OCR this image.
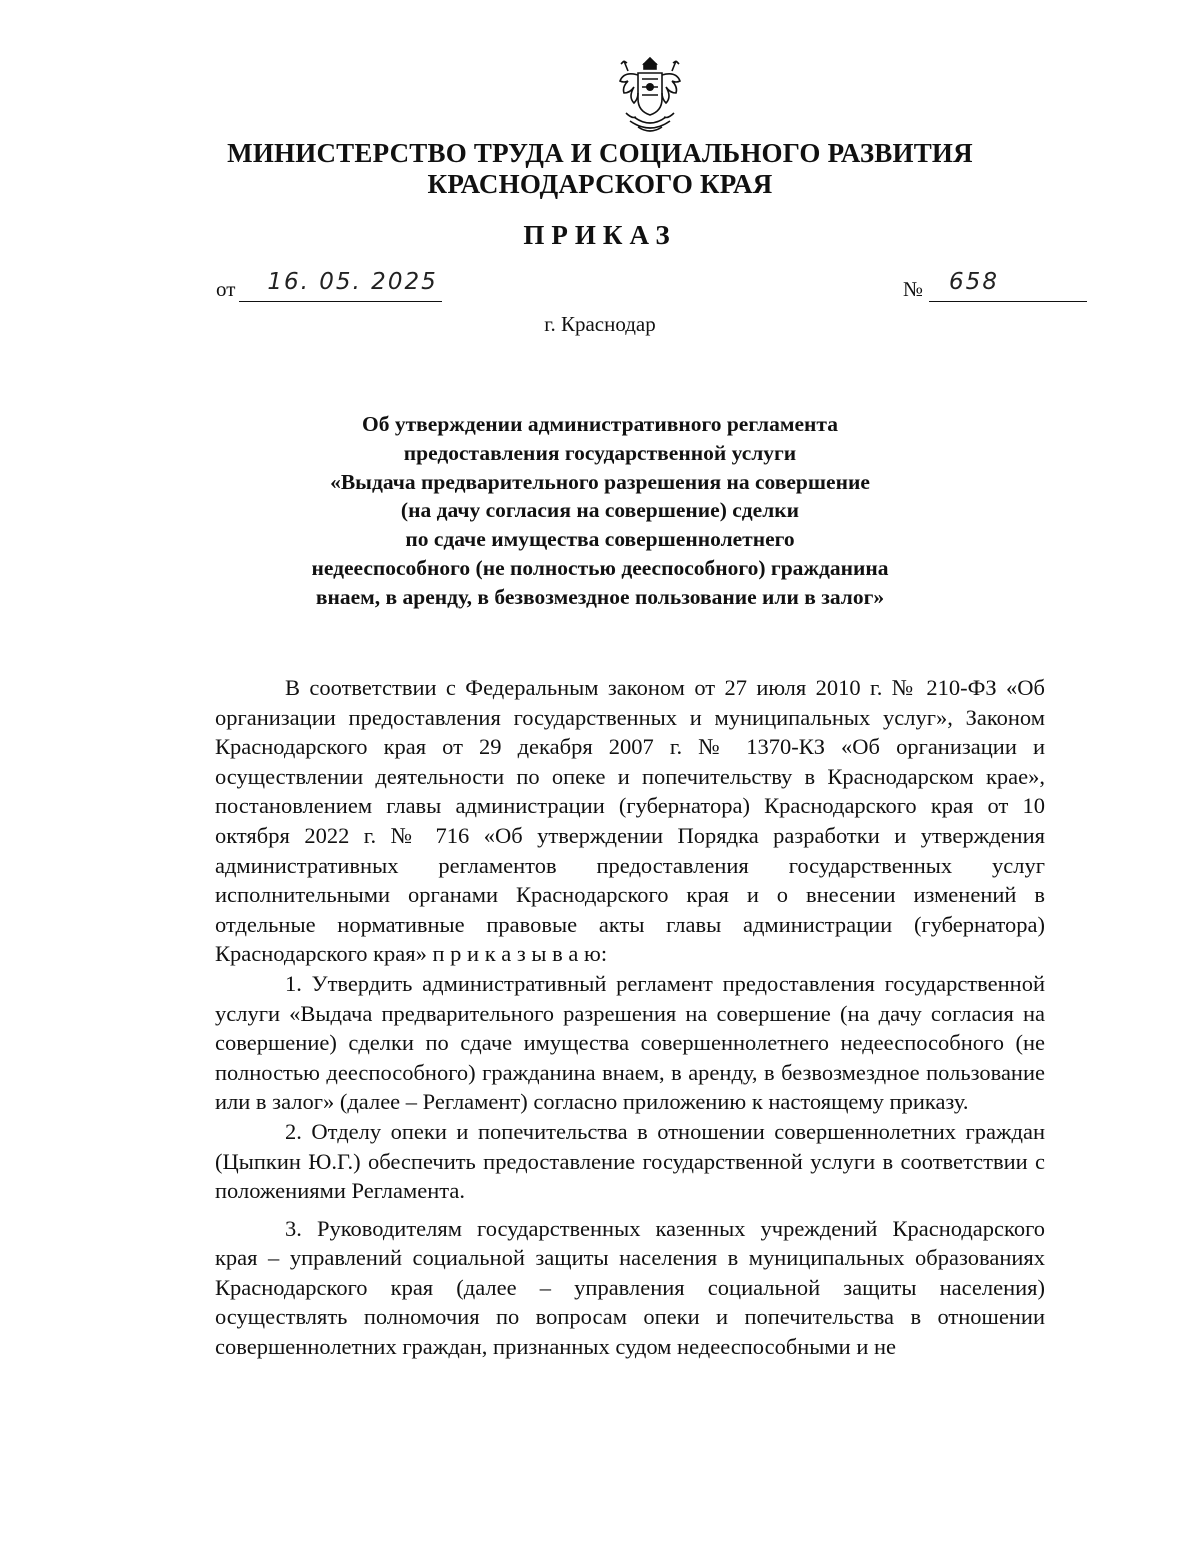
МИНИСТЕРСТВО ТРУДА И СОЦИАЛЬНОГО РАЗВИТИЯ
КРАСНОДАРСКОГО КРАЯ
ПРИКАЗ
от 16. 05. 2025	№ 658
г. Краснодар
Об утверждении административного регламента
предоставления государственной услуги
«Выдача предварительного разрешения на совершение
(на дачу согласия на совершение) сделки
по сдаче имущества совершеннолетнего
недееспособного (не полностью дееспособного) гражданина
внаем, в аренду, в безвозмездное пользование или в залог»

В соответствии с Федеральным законом от 27 июля 2010 г. № 210-ФЗ «Об организации предоставления государственных и муниципальных услуг», Законом Краснодарского края от 29 декабря 2007 г. № 1370-КЗ «Об организации и осуществлении деятельности по опеке и попечительству в Краснодарском крае», постановлением главы администрации (губернатора) Краснодарского края от 10 октября 2022 г. № 716 «Об утверждении Порядка разработки и утверждения административных регламентов предоставления государственных услуг исполнительными органами Краснодарского края и о внесении изменений в отдельные нормативные правовые акты главы администрации (губернатора) Краснодарского края» п р и к а з ы в а ю:

1. Утвердить административный регламент предоставления государственной услуги «Выдача предварительного разрешения на совершение (на дачу согласия на совершение) сделки по сдаче имущества совершеннолетнего недееспособного (не полностью дееспособного) гражданина внаем, в аренду, в безвозмездное пользование или в залог» (далее – Регламент) согласно приложению к настоящему приказу.

2. Отделу опеки и попечительства в отношении совершеннолетних граждан (Цыпкин Ю.Г.) обеспечить предоставление государственной услуги в соответствии с положениями Регламента.

3. Руководителям государственных казенных учреждений Краснодарского края – управлений социальной защиты населения в муниципальных образованиях Краснодарского края (далее – управления социальной защиты населения) осуществлять полномочия по вопросам опеки и попечительства в отношении совершеннолетних граждан, признанных судом недееспособными и не
